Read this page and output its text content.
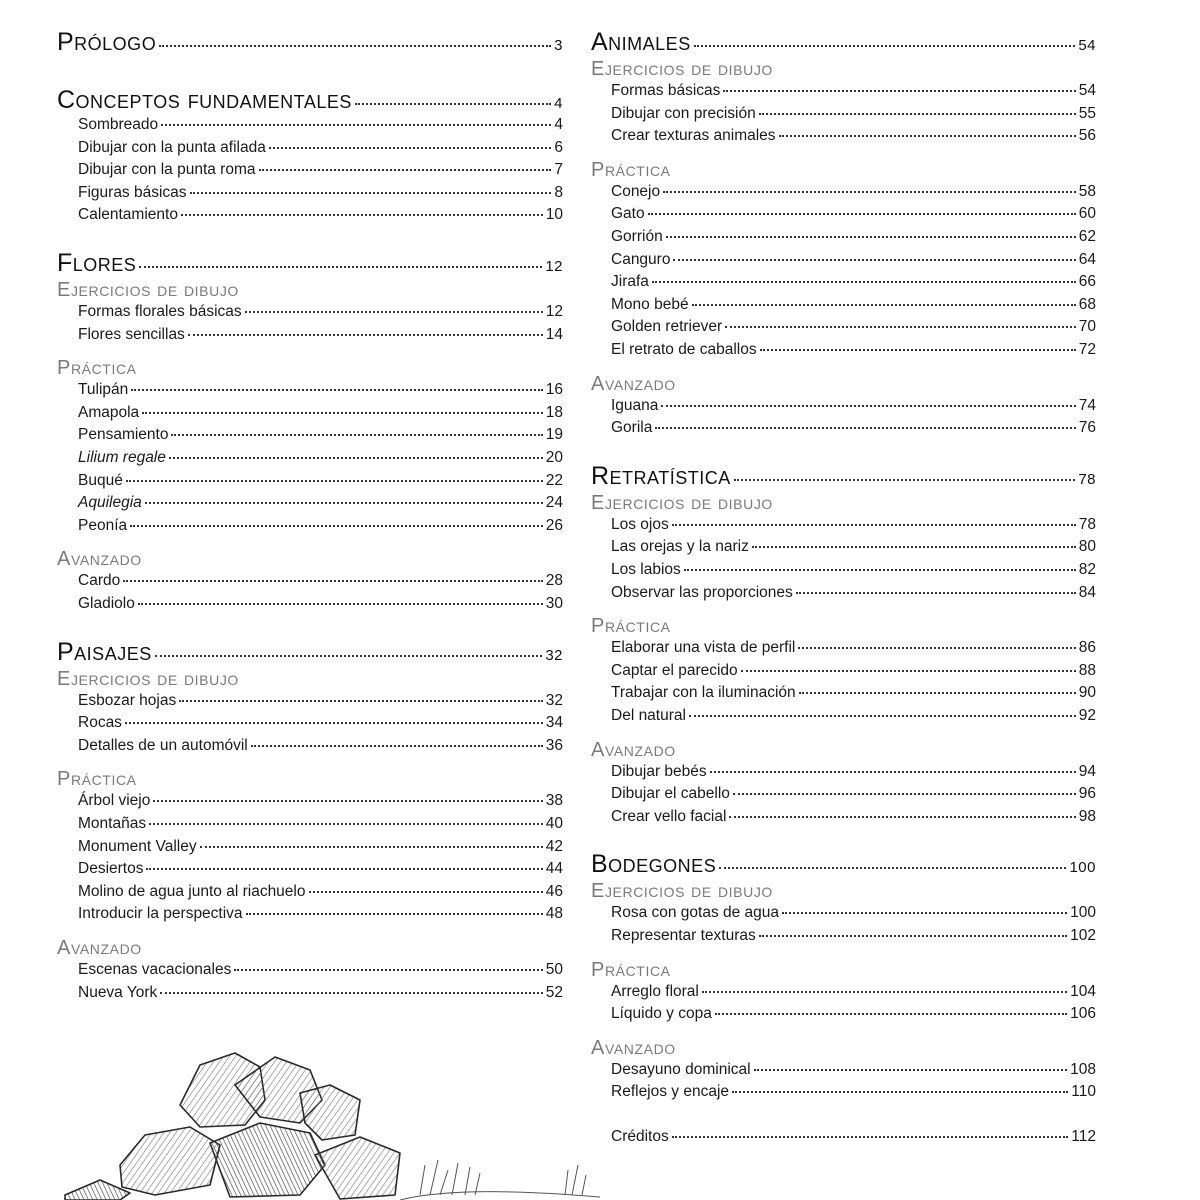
Prólogo	3
Conceptos fundamentales	4
Sombreado	4
Dibujar con la punta afilada	6
Dibujar con la punta roma	7
Figuras básicas	8
Calentamiento	10
Flores	12
Ejercicios de dibujo
Formas florales básicas	12
Flores sencillas	14
Práctica
Tulipán	16
Amapola	18
Pensamiento	19
Lilium regale	20
Buqué	22
Aquilegia	24
Peonía	26
Avanzado
Cardo	28
Gladiolo	30
Paisajes	32
Ejercicios de dibujo
Esbozar hojas	32
Rocas	34
Detalles de un automóvil	36
Práctica
Árbol viejo	38
Montañas	40
Monument Valley	42
Desiertos	44
Molino de agua junto al riachuelo	46
Introducir la perspectiva	48
Avanzado
Escenas vacacionales	50
Nueva York	52
Animales	54
Ejercicios de dibujo
Formas básicas	54
Dibujar con precisión	55
Crear texturas animales	56
Práctica
Conejo	58
Gato	60
Gorrión	62
Canguro	64
Jirafa	66
Mono bebé	68
Golden retriever	70
El retrato de caballos	72
Avanzado
Iguana	74
Gorila	76
Retratística	78
Ejercicios de dibujo
Los ojos	78
Las orejas y la nariz	80
Los labios	82
Observar las proporciones	84
Práctica
Elaborar una vista de perfil	86
Captar el parecido	88
Trabajar con la iluminación	90
Del natural	92
Avanzado
Dibujar bebés	94
Dibujar el cabello	96
Crear vello facial	98
Bodegones	100
Ejercicios de dibujo
Rosa con gotas de agua	100
Representar texturas	102
Práctica
Arreglo floral	104
Líquido y copa	106
Avanzado
Desayuno dominical	108
Reflejos y encaje	110
Créditos	112
